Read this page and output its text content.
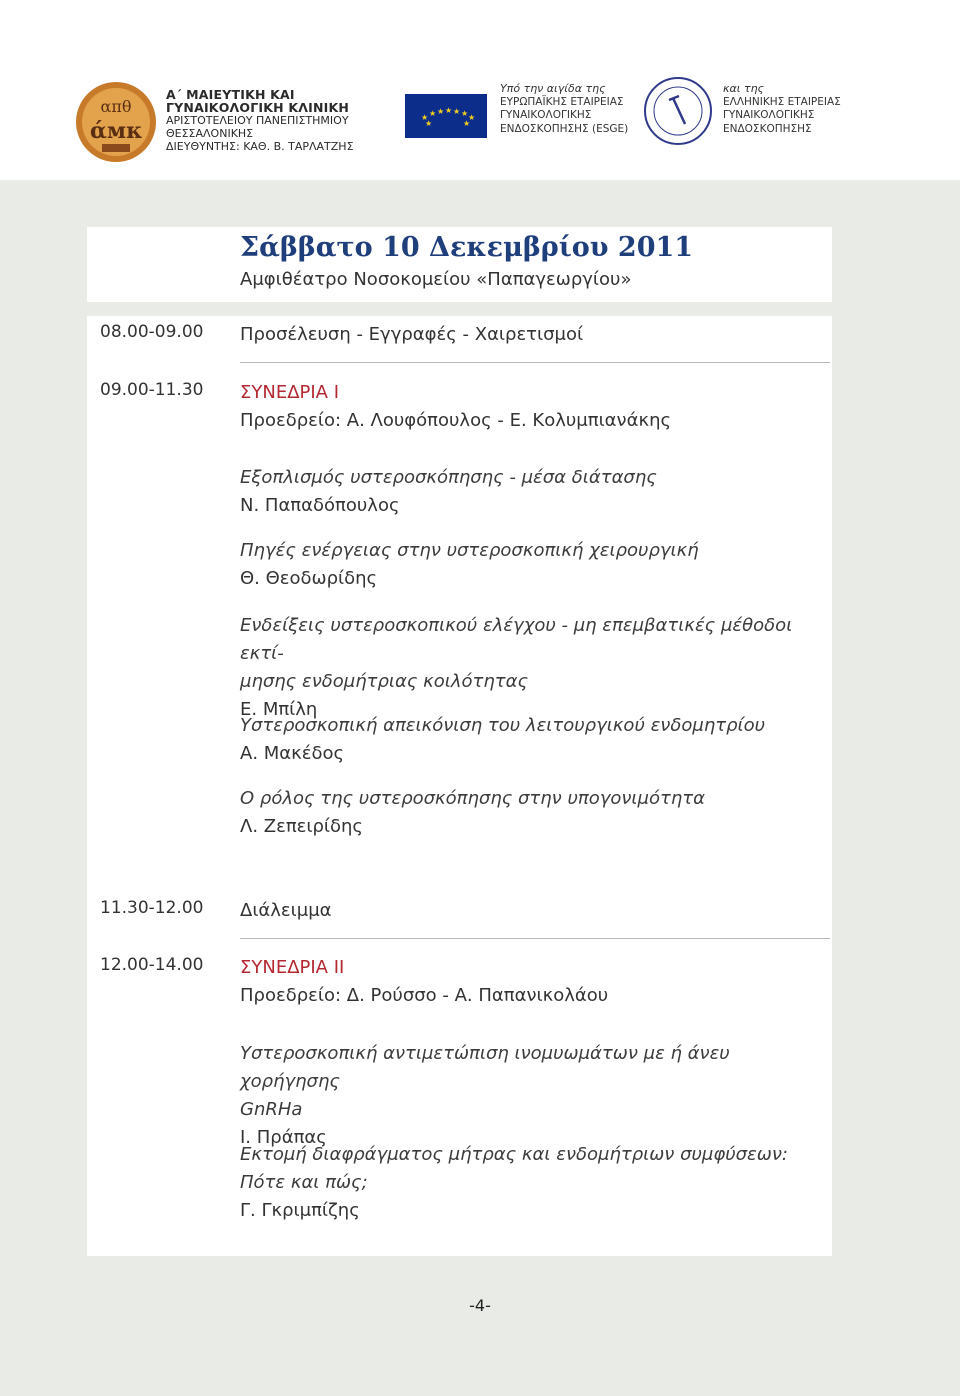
απθ
άмк
Α΄ ΜΑΙΕΥΤΙΚΗ ΚΑΙ
ΓΥΝΑΙΚΟΛΟΓΙΚΗ ΚΛΙΝΙΚΗ
ΑΡΙΣΤΟΤΕΛΕΙΟΥ ΠΑΝΕΠΙΣΤΗΜΙΟΥ
ΘΕΣΣΑΛΟΝΙΚΗΣ
ΔΙΕΥΘΥΝΤΗΣ: ΚΑΘ. Β. ΤΑΡΛΑΤΖΗΣ
★ ★ ★ ★ ★ ★ ★
★	★
Υπό την αιγίδα της
ΕΥΡΩΠΑΪΚΗΣ ΕΤΑΙΡΕΙΑΣ
ΓΥΝΑΙΚΟΛΟΓΙΚΗΣ
ΕΝΔΟΣΚΟΠΗΣΗΣ (ESGE)
και της
ΕΛΛΗΝΙΚΗΣ ΕΤΑΙΡΕΙΑΣ
ΓΥΝΑΙΚΟΛΟΓΙΚΗΣ
ΕΝΔΟΣΚΟΠΗΣΗΣ
Σάββατο 10 Δεκεμβρίου 2011
Αμφιθέατρο Νοσοκομείου «Παπαγεωργίου»
08.00-09.00 Προσέλευση - Εγγραφές - Χαιρετισμοί
09.00-11.30 ΣΥΝΕΔΡΙΑ Ι
Προεδρείο: Α. Λουφόπουλος - Ε. Κολυμπιανάκης
Εξοπλισμός υστεροσκόπησης - μέσα διάτασης
Ν. Παπαδόπουλος
Πηγές ενέργειας στην υστεροσκοπική χειρουργική
Θ. Θεοδωρίδης
Ενδείξεις υστεροσκοπικού ελέγχου - μη επεμβατικές μέθοδοι εκτί-
μησης ενδομήτριας κοιλότητας
Ε. Μπίλη
Υστεροσκοπική απεικόνιση του λειτουργικού ενδομητρίου
Α. Μακέδος
Ο ρόλος της υστεροσκόπησης στην υπογονιμότητα
Λ. Ζεπειρίδης
11.30-12.00 Διάλειμμα
12.00-14.00 ΣΥΝΕΔΡΙΑ ΙΙ
Προεδρείο: Δ. Ρούσσο - Α. Παπανικολάου
Υστεροσκοπική αντιμετώπιση ινομυωμάτων με ή άνευ χορήγησης
GnRHa
Ι. Πράπας
Εκτομή διαφράγματος μήτρας και ενδομήτριων συμφύσεων:
Πότε και πώς;
Γ. Γκριμπίζης
-4-
